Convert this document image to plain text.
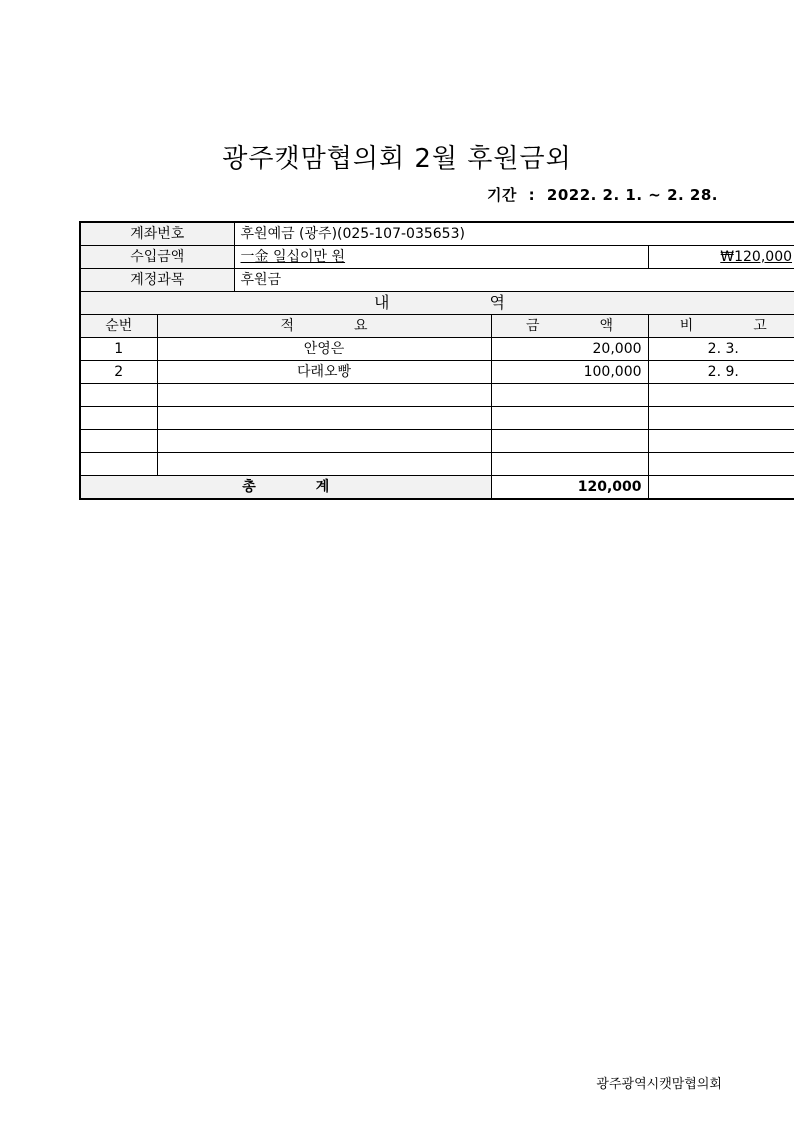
광주캣맘협의회 2월 후원금외
기간 : 2022. 2. 1. ~ 2. 28.
계좌번호		후원예금 (광주)(025-107-035653)		
수입금액		一金 일십이만 원		₩120,000
계정과목		후원금		
내 역				
순번	적 요		금 액	비 고
1	안영은		20,000	2. 3.
2	다래오빵		100,000	2. 9.

총 계			120,000	
광주광역시캣맘협의회
